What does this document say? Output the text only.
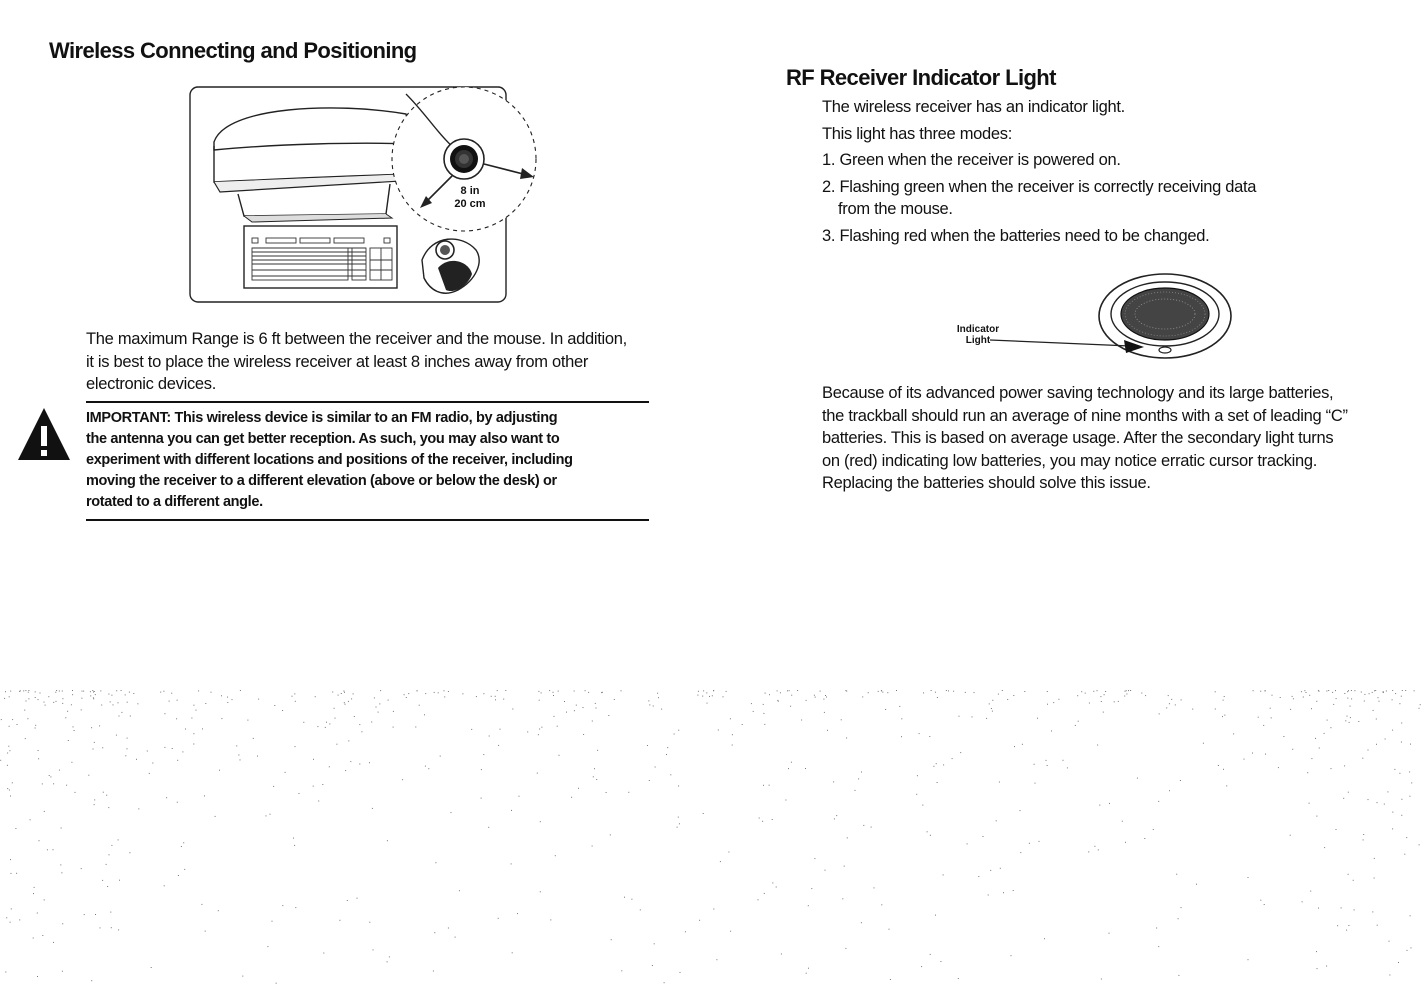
Wireless Connecting and Positioning
8 in
20 cm
The maximum Range is 6 ft between the receiver and the mouse. In addition,
it is best to place the wireless receiver at least 8 inches away from other
electronic devices.
IMPORTANT: This wireless device is similar to an FM radio, by adjusting
the antenna you can get better reception. As such, you may also want to
experiment with different locations and positions of the receiver, including
moving the receiver to a different elevation (above or below the desk) or
rotated to a different angle.
RF Receiver Indicator Light
The wireless receiver has an indicator light.
This light has three modes:
1. Green when the receiver is powered on.
2. Flashing green when the receiver is correctly receiving data
from the mouse.
3. Flashing red when the batteries need to be changed.
Indicator
Light
Because of its advanced power saving technology and its large batteries,
the trackball should run an average of nine months with a set of leading “C”
batteries. This is based on average usage. After the secondary light turns
on (red) indicating low batteries, you may notice erratic cursor tracking.
Replacing the batteries should solve this issue.
